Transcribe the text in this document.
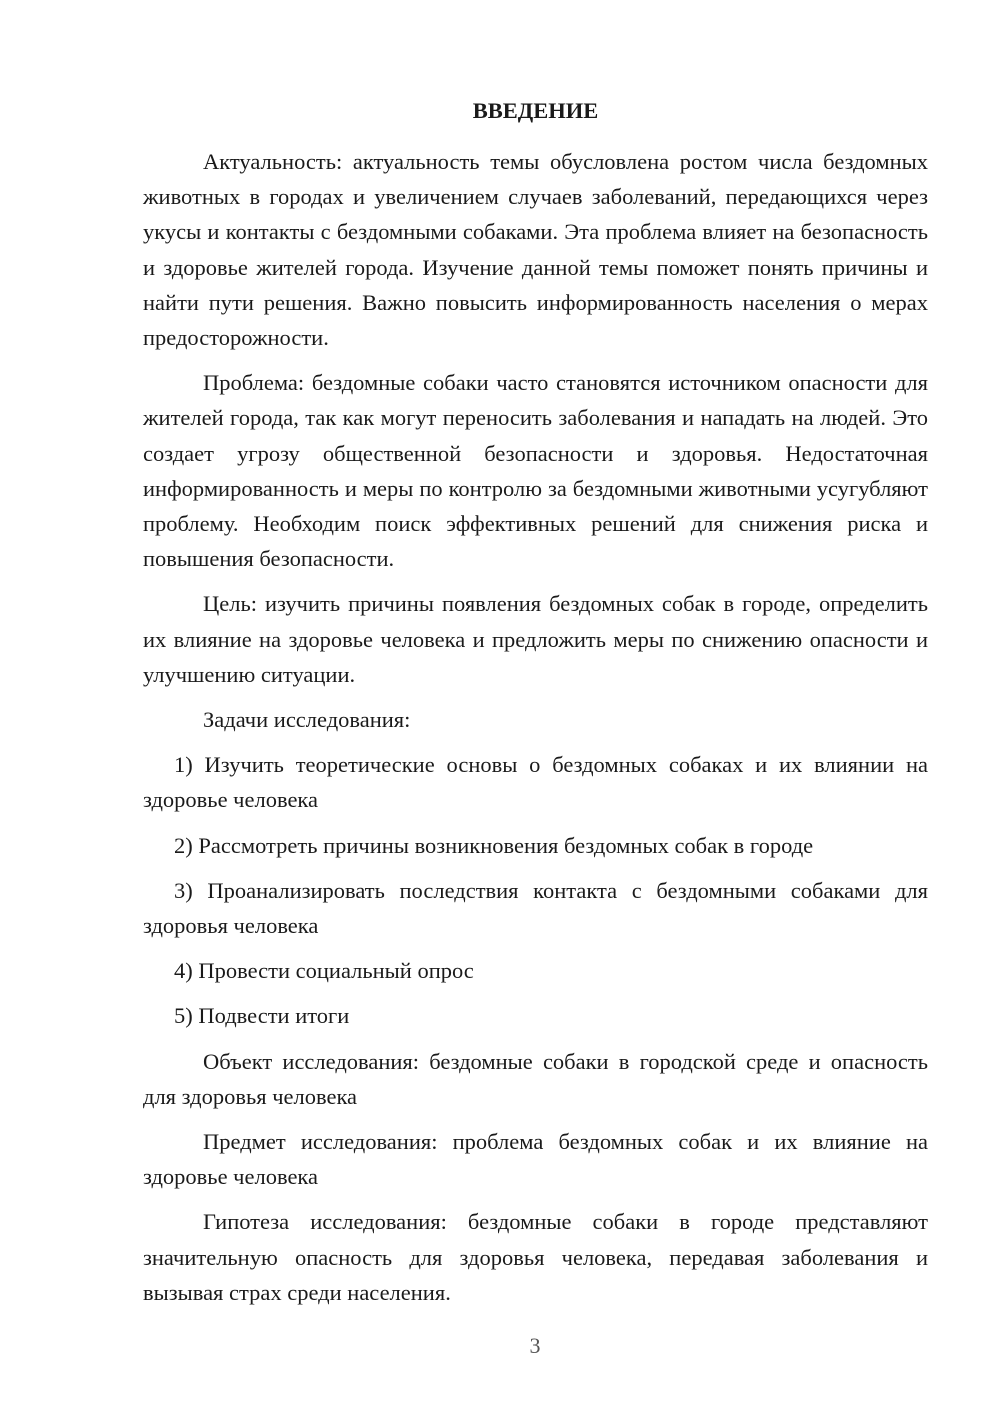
ВВЕДЕНИЕ

Актуальность: актуальность темы обусловлена ростом числа бездомных животных в городах и увеличением случаев заболеваний, передающихся через укусы и контакты с бездомными собаками. Эта проблема влияет на безопасность и здоровье жителей города. Изучение данной темы поможет понять причины и найти пути решения. Важно повысить информированность населения о мерах предосторожности.

Проблема: бездомные собаки часто становятся источником опасности для жителей города, так как могут переносить заболевания и нападать на людей. Это создает угрозу общественной безопасности и здоровья. Недостаточная информированность и меры по контролю за бездомными животными усугубляют проблему. Необходим поиск эффективных решений для снижения риска и повышения безопасности.

Цель: изучить причины появления бездомных собак в городе, определить их влияние на здоровье человека и предложить меры по снижению опасности и улучшению ситуации.

Задачи исследования:

1) Изучить теоретические основы о бездомных собаках и их влиянии на здоровье человека

2) Рассмотреть причины возникновения бездомных собак в городе

3) Проанализировать последствия контакта с бездомными собаками для здоровья человека

4) Провести социальный опрос

5) Подвести итоги

Объект исследования: бездомные собаки в городской среде и опасность для здоровья человека

Предмет исследования: проблема бездомных собак и их влияние на здоровье человека

Гипотеза исследования: бездомные собаки в городе представляют значительную опасность для здоровья человека, передавая заболевания и вызывая страх среди населения.

3
